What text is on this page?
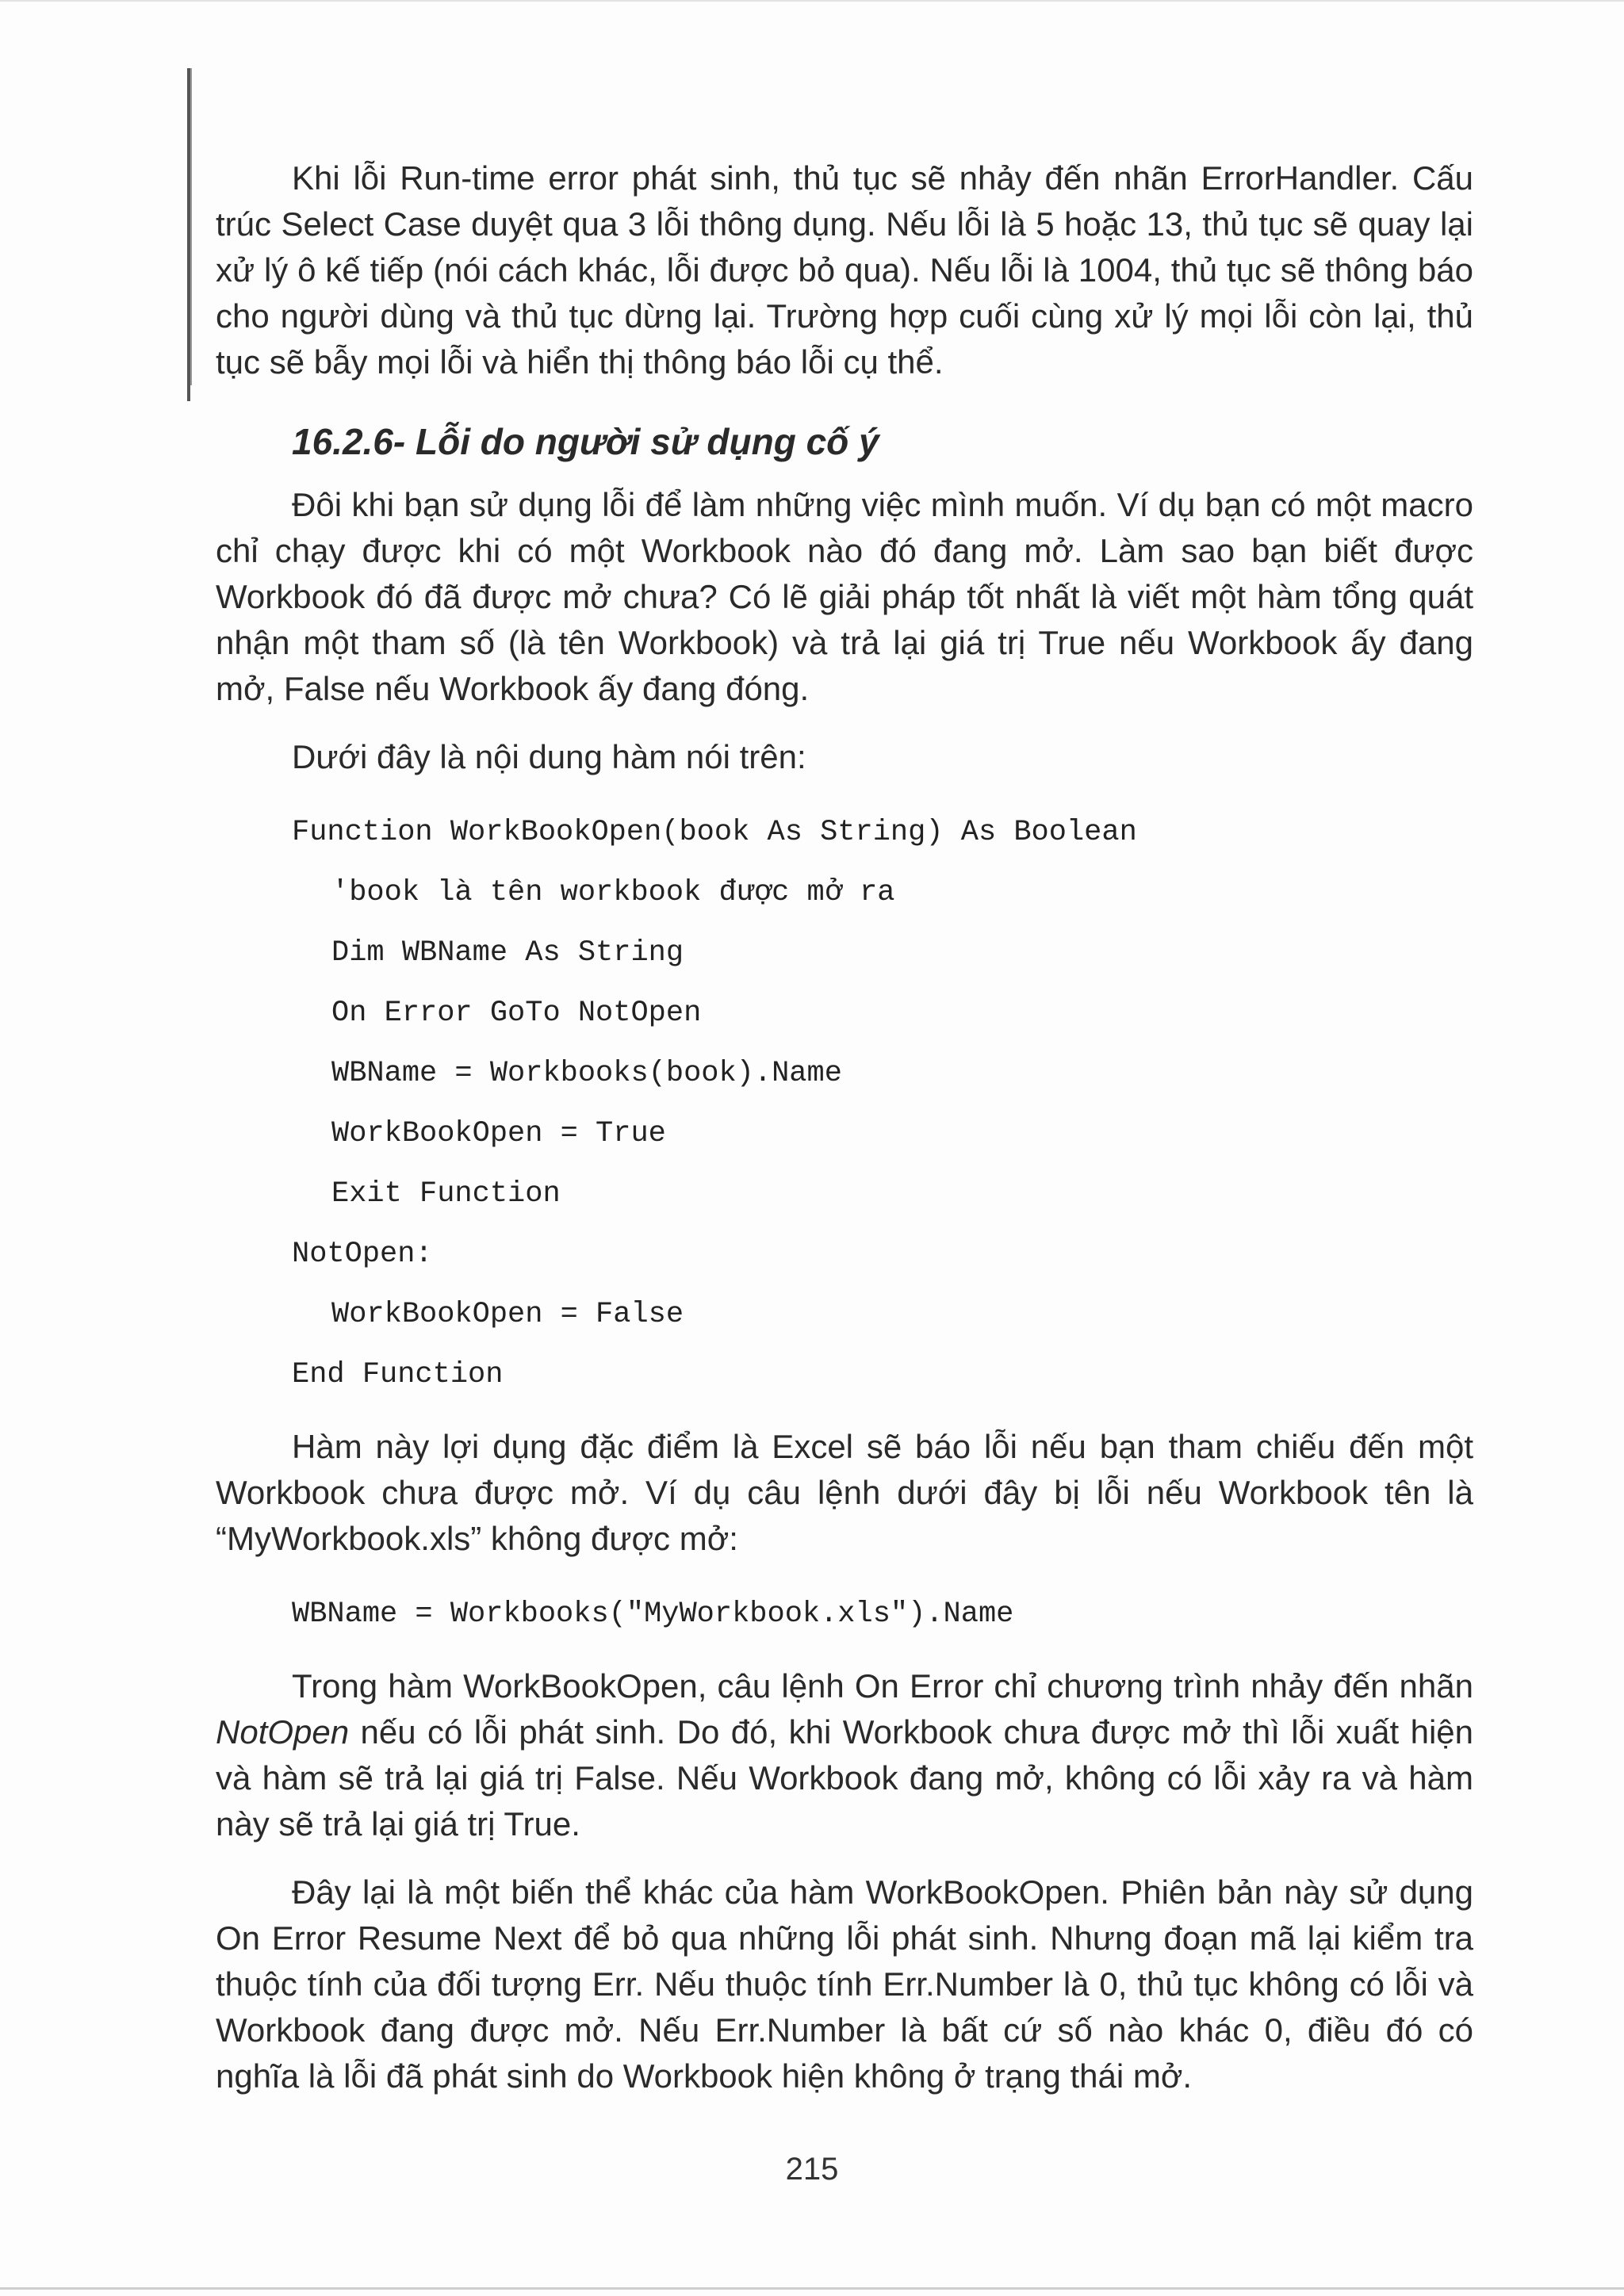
Khi lỗi Run-time error phát sinh, thủ tục sẽ nhảy đến nhãn ErrorHandler. Cấu trúc Select Case duyệt qua 3 lỗi thông dụng. Nếu lỗi là 5 hoặc 13, thủ tục sẽ quay lại xử lý ô kế tiếp (nói cách khác, lỗi được bỏ qua). Nếu lỗi là 1004, thủ tục sẽ thông báo cho người dùng và thủ tục dừng lại. Trường hợp cuối cùng xử lý mọi lỗi còn lại, thủ tục sẽ bẫy mọi lỗi và hiển thị thông báo lỗi cụ thể.

16.2.6- Lỗi do người sử dụng cố ý

Đôi khi bạn sử dụng lỗi để làm những việc mình muốn. Ví dụ bạn có một macro chỉ chạy được khi có một Workbook nào đó đang mở. Làm sao bạn biết được Workbook đó đã được mở chưa? Có lẽ giải pháp tốt nhất là viết một hàm tổng quát nhận một tham số (là tên Workbook) và trả lại giá trị True nếu Workbook ấy đang mở, False nếu Workbook ấy đang đóng.

Dưới đây là nội dung hàm nói trên:

Function WorkBookOpen(book As String) As Boolean
'book là tên workbook được mở ra
Dim WBName As String
On Error GoTo NotOpen
WBName = Workbooks(book).Name
WorkBookOpen = True
Exit Function
NotOpen:
WorkBookOpen = False
End Function

Hàm này lợi dụng đặc điểm là Excel sẽ báo lỗi nếu bạn tham chiếu đến một Workbook chưa được mở. Ví dụ câu lệnh dưới đây bị lỗi nếu Workbook tên là “MyWorkbook.xls” không được mở:

WBName = Workbooks("MyWorkbook.xls").Name

Trong hàm WorkBookOpen, câu lệnh On Error chỉ chương trình nhảy đến nhãn NotOpen nếu có lỗi phát sinh. Do đó, khi Workbook chưa được mở thì lỗi xuất hiện và hàm sẽ trả lại giá trị False. Nếu Workbook đang mở, không có lỗi xảy ra và hàm này sẽ trả lại giá trị True.

Đây lại là một biến thể khác của hàm WorkBookOpen. Phiên bản này sử dụng On Error Resume Next để bỏ qua những lỗi phát sinh. Nhưng đoạn mã lại kiểm tra thuộc tính của đối tượng Err. Nếu thuộc tính Err.Number là 0, thủ tục không có lỗi và Workbook đang được mở. Nếu Err.Number là bất cứ số nào khác 0, điều đó có nghĩa là lỗi đã phát sinh do Workbook hiện không ở trạng thái mở.

215
